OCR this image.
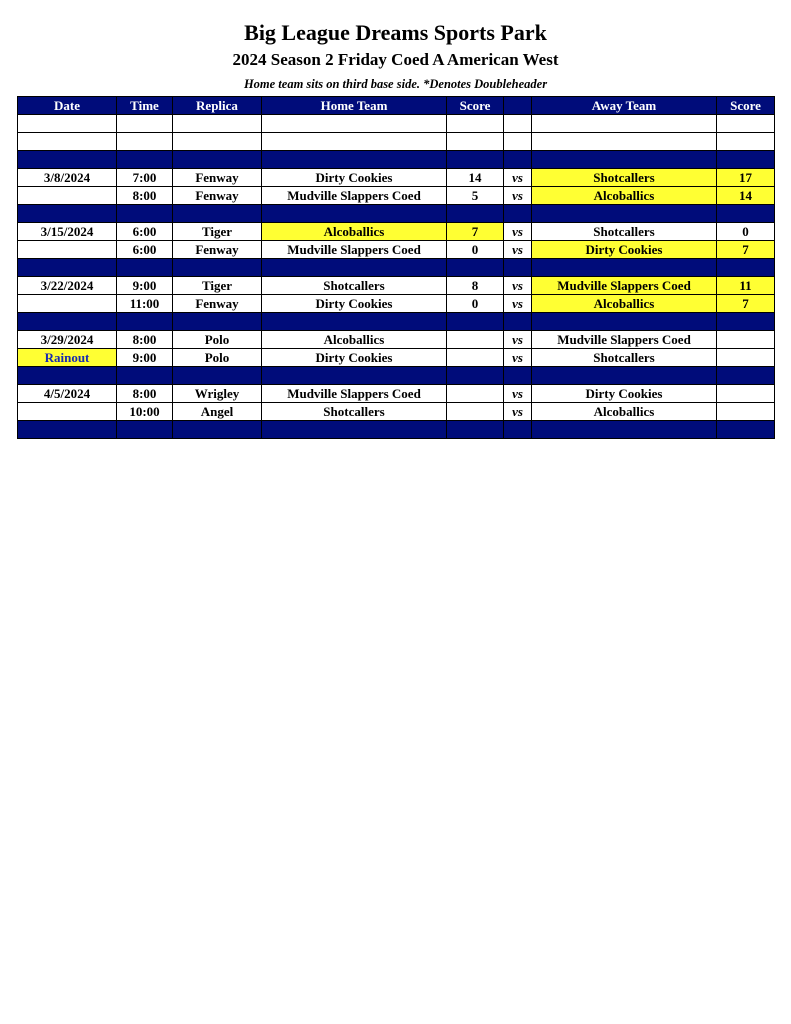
Big League Dreams Sports Park
2024 Season 2 Friday Coed A American West
Home team sits on third base side. *Denotes Doubleheader
Date	Time	Replica	Home Team	Score		Away Team	Score

3/8/2024	7:00	Fenway	Dirty Cookies	14	vs	Shotcallers	17
	8:00	Fenway	Mudville Slappers Coed	5	vs	Alcoballics	14

3/15/2024	6:00	Tiger	Alcoballics	7	vs	Shotcallers	0
	6:00	Fenway	Mudville Slappers Coed	0	vs	Dirty Cookies	7

3/22/2024	9:00	Tiger	Shotcallers	8	vs	Mudville Slappers Coed	11
	11:00	Fenway	Dirty Cookies	0	vs	Alcoballics	7

3/29/2024	8:00	Polo	Alcoballics		vs	Mudville Slappers Coed	
Rainout	9:00	Polo	Dirty Cookies		vs	Shotcallers	

4/5/2024	8:00	Wrigley	Mudville Slappers Coed		vs	Dirty Cookies	
	10:00	Angel	Shotcallers		vs	Alcoballics	
